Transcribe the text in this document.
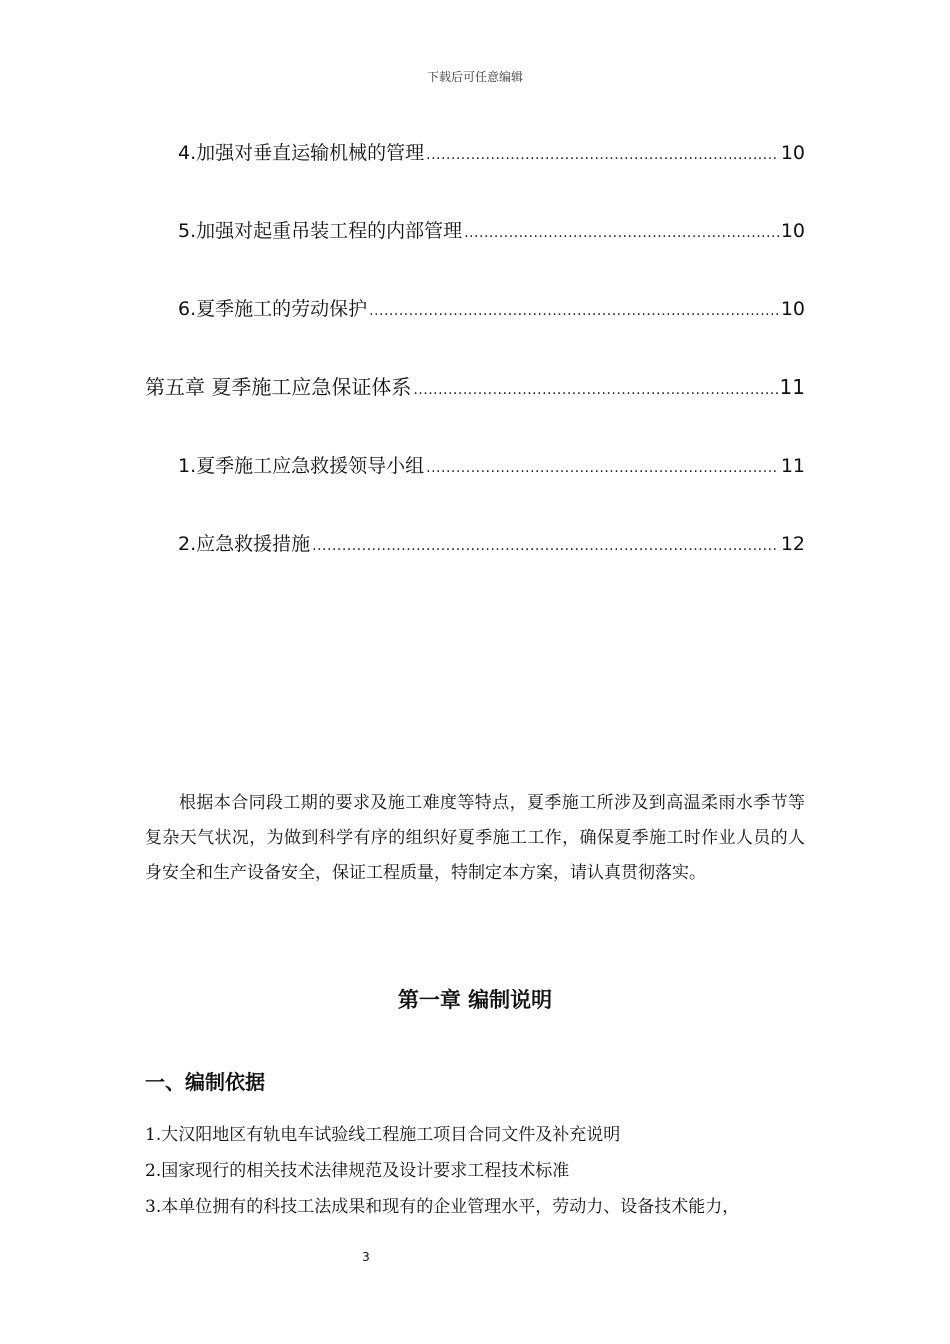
下载后可任意编辑
4.加强对垂直运输机械的管理 .....	10
5.加强对起重吊装工程的内部管理 .....	10
6.夏季施工的劳动保护 .....	10
第五章 夏季施工应急保证体系 .....	11
1.夏季施工应急救援领导小组 .....	11
2.应急救援措施 .....	12

根据本合同段工期的要求及施工难度等特点，夏季施工所涉及到高温柔雨水季节等复杂天气状况，为做到科学有序的组织好夏季施工工作，确保夏季施工时作业人员的人身安全和生产设备安全，保证工程质量，特制定本方案，请认真贯彻落实。

第一章 编制说明
一、编制依据
1.大汉阳地区有轨电车试验线工程施工项目合同文件及补充说明
2.国家现行的相关技术法律规范及设计要求工程技术标准
3.本单位拥有的科技工法成果和现有的企业管理水平，劳动力、设备技术能力，
3
